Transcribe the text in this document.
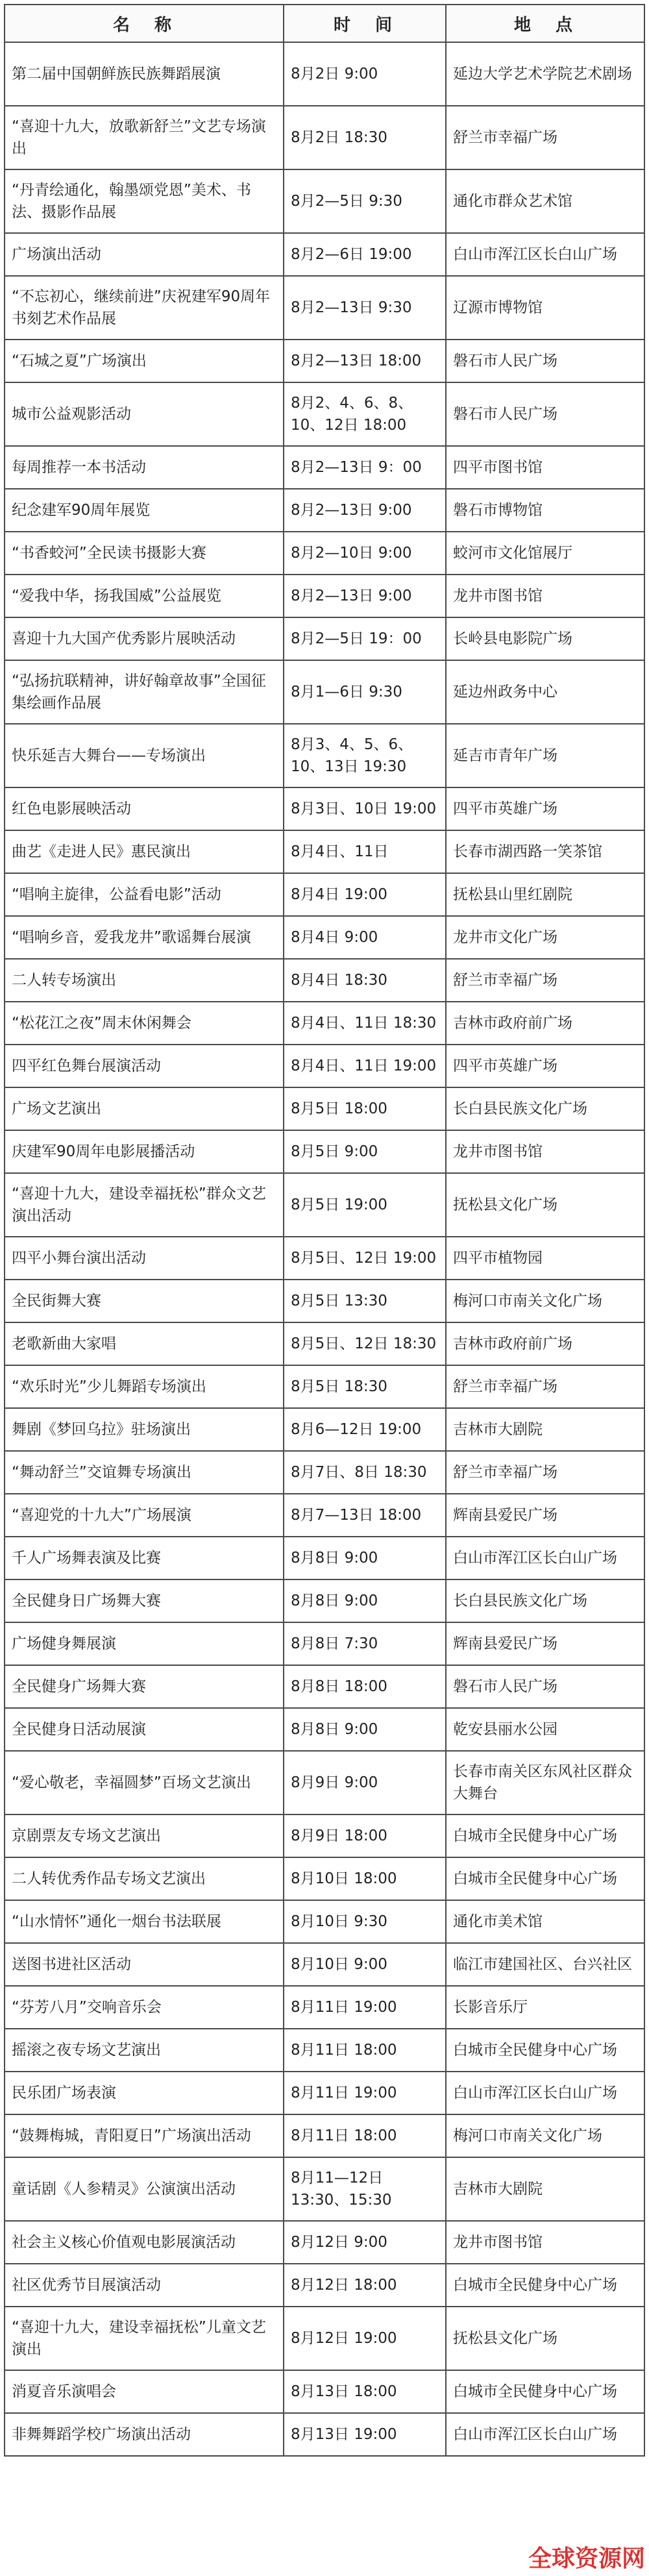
名　称	时　间	地　点
第二届中国朝鲜族民族舞蹈展演	8月2日 9:00	延边大学艺术学院艺术剧场
“喜迎十九大，放歌新舒兰”文艺专场演出	8月2日 18:30	舒兰市幸福广场
“丹青绘通化，翰墨颂党恩”美术、书法、摄影作品展	8月2—5日 9:30	通化市群众艺术馆
广场演出活动	8月2—6日 19:00	白山市浑江区长白山广场
“不忘初心，继续前进”庆祝建军90周年书刻艺术作品展	8月2—13日 9:30	辽源市博物馆
“石城之夏”广场演出	8月2—13日 18:00	磐石市人民广场
城市公益观影活动	8月2、4、6、8、10、12日 18:00	磐石市人民广场
每周推荐一本书活动	8月2—13日 9：00	四平市图书馆
纪念建军90周年展览	8月2—13日 9:00	磐石市博物馆
“书香蛟河”全民读书摄影大赛	8月2—10日 9:00	蛟河市文化馆展厅
“爱我中华，扬我国威”公益展览	8月2—13日 9:00	龙井市图书馆
喜迎十九大国产优秀影片展映活动	8月2—5日 19：00	长岭县电影院广场
“弘扬抗联精神，讲好翰章故事”全国征集绘画作品展	8月1—6日 9:30	延边州政务中心
快乐延吉大舞台——专场演出	8月3、4、5、6、10、13日 19:30	延吉市青年广场
红色电影展映活动	8月3日、10日 19:00	四平市英雄广场
曲艺《走进人民》惠民演出	8月4日、11日	长春市湖西路一笑茶馆
“唱响主旋律，公益看电影”活动	8月4日 19:00	抚松县山里红剧院
“唱响乡音，爱我龙井”歌谣舞台展演	8月4日 9:00	龙井市文化广场
二人转专场演出	8月4日 18:30	舒兰市幸福广场
“松花江之夜”周末休闲舞会	8月4日、11日 18:30	吉林市政府前广场
四平红色舞台展演活动	8月4日、11日 19:00	四平市英雄广场
广场文艺演出	8月5日 18:00	长白县民族文化广场
庆建军90周年电影展播活动	8月5日 9:00	龙井市图书馆
“喜迎十九大，建设幸福抚松”群众文艺演出活动	8月5日 19:00	抚松县文化广场
四平小舞台演出活动	8月5日、12日 19:00	四平市植物园
全民街舞大赛	8月5日 13:30	梅河口市南关文化广场
老歌新曲大家唱	8月5日、12日 18:30	吉林市政府前广场
“欢乐时光”少儿舞蹈专场演出	8月5日 18:30	舒兰市幸福广场
舞剧《梦回乌拉》驻场演出	8月6—12日 19:00	吉林市大剧院
“舞动舒兰”交谊舞专场演出	8月7日、8日 18:30	舒兰市幸福广场
“喜迎党的十九大”广场展演	8月7—13日 18:00	辉南县爱民广场
千人广场舞表演及比赛	8月8日 9:00	白山市浑江区长白山广场
全民健身日广场舞大赛	8月8日 9:00	长白县民族文化广场
广场健身舞展演	8月8日 7:30	辉南县爱民广场
全民健身广场舞大赛	8月8日 18:00	磐石市人民广场
全民健身日活动展演	8月8日 9:00	乾安县丽水公园
“爱心敬老，幸福圆梦”百场文艺演出	8月9日 9:00	长春市南关区东风社区群众大舞台
京剧票友专场文艺演出	8月9日 18:00	白城市全民健身中心广场
二人转优秀作品专场文艺演出	8月10日 18:00	白城市全民健身中心广场
“山水情怀”通化一烟台书法联展	8月10日 9:30	通化市美术馆
送图书进社区活动	8月10日 9:00	临江市建国社区、台兴社区
“芬芳八月”交响音乐会	8月11日 19:00	长影音乐厅
摇滚之夜专场文艺演出	8月11日 18:00	白城市全民健身中心广场
民乐团广场表演	8月11日 19:00	白山市浑江区长白山广场
“鼓舞梅城，青阳夏日”广场演出活动	8月11日 18:00	梅河口市南关文化广场
童话剧《人参精灵》公演演出活动	8月11—12日 13:30、15:30	吉林市大剧院
社会主义核心价值观电影展演活动	8月12日 9:00	龙井市图书馆
社区优秀节目展演活动	8月12日 18:00	白城市全民健身中心广场
“喜迎十九大，建设幸福抚松”儿童文艺演出	8月12日 19:00	抚松县文化广场
消夏音乐演唱会	8月13日 18:00	白城市全民健身中心广场
非舞舞蹈学校广场演出活动	8月13日 19:00	白山市浑江区长白山广场
全球资源网
